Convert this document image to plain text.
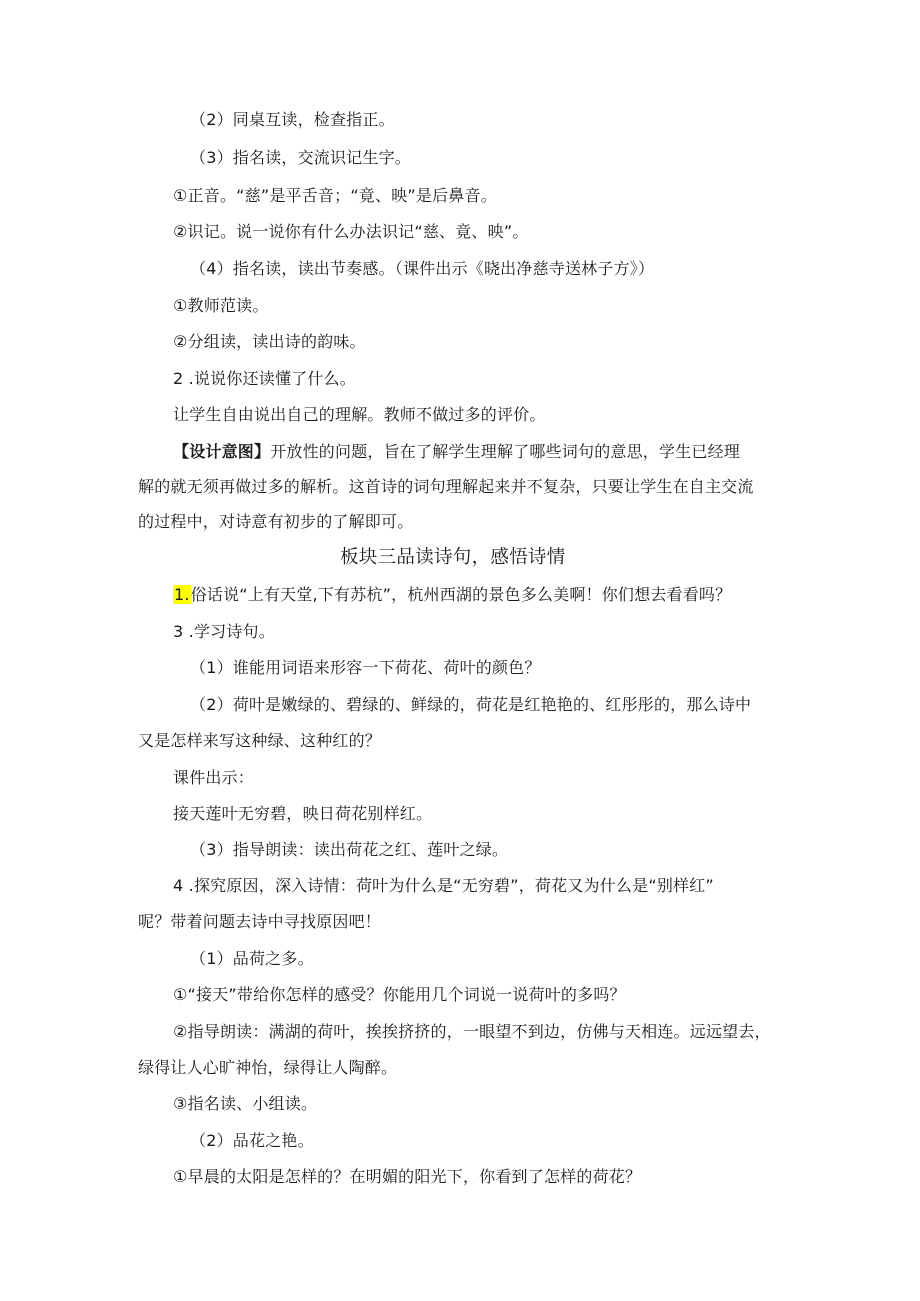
（2）同桌互读，检查指正。
（3）指名读，交流识记生字。
①正音。“慈”是平舌音；“竟、映”是后鼻音。
②识记。说一说你有什么办法识记“慈、竟、映”。
（4）指名读，读出节奏感。（课件出示《晓出净慈寺送林子方》）
①教师范读。
②分组读，读出诗的韵味。
2 .说说你还读懂了什么。
让学生自由说出自己的理解。教师不做过多的评价。
【设计意图】开放性的问题，旨在了解学生理解了哪些词句的意思，学生已经理
解的就无须再做过多的解析。这首诗的词句理解起来并不复杂，只要让学生在自主交流
的过程中，对诗意有初步的了解即可。
板块三品读诗句，感悟诗情
1.俗话说“上有天堂,下有苏杭”，杭州西湖的景色多么美啊！你们想去看看吗？
3 .学习诗句。
（1）谁能用词语来形容一下荷花、荷叶的颜色？
（2）荷叶是嫩绿的、碧绿的、鲜绿的，荷花是红艳艳的、红彤彤的，那么诗中
又是怎样来写这种绿、这种红的？
课件出示：
接天莲叶无穷碧，映日荷花别样红。
（3）指导朗读：读出荷花之红、莲叶之绿。
4 .探究原因，深入诗情：荷叶为什么是“无穷碧”，荷花又为什么是“别样红”
呢？带着问题去诗中寻找原因吧！
（1）品荷之多。
①“接天”带给你怎样的感受？你能用几个词说一说荷叶的多吗？
②指导朗读：满湖的荷叶，挨挨挤挤的，一眼望不到边，仿佛与天相连。远远望去，
绿得让人心旷神怡，绿得让人陶醉。
③指名读、小组读。
（2）品花之艳。
①早晨的太阳是怎样的？在明媚的阳光下，你看到了怎样的荷花？
